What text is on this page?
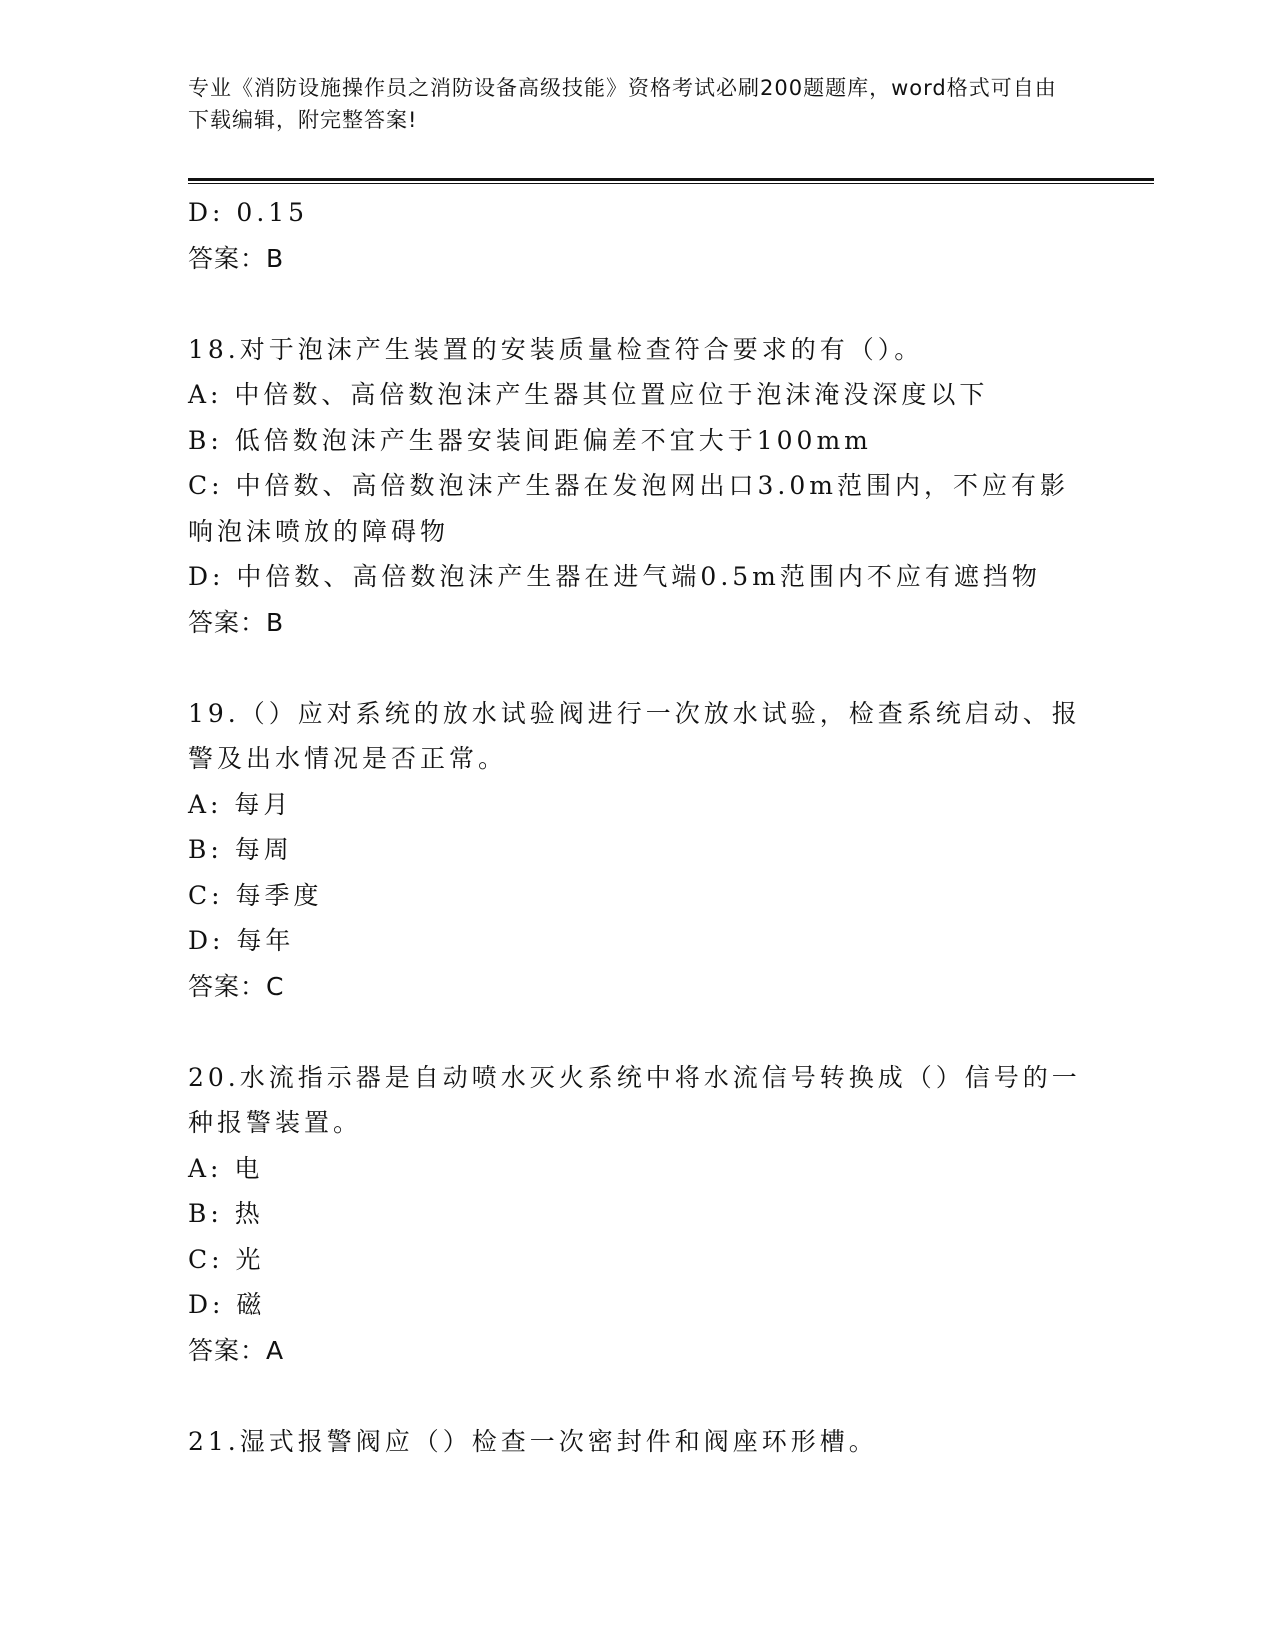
专业《消防设施操作员之消防设备高级技能》资格考试必刷200题题库，word格式可自由下载编辑，附完整答案!
D: 0.15
答案：B
18.对于泡沫产生装置的安装质量检查符合要求的有（）。
A: 中倍数、高倍数泡沫产生器其位置应位于泡沫淹没深度以下
B: 低倍数泡沫产生器安装间距偏差不宜大于100mm
C: 中倍数、高倍数泡沫产生器在发泡网出口3.0m范围内，不应有影响泡沫喷放的障碍物
D: 中倍数、高倍数泡沫产生器在进气端0.5m范围内不应有遮挡物
答案：B
19.（）应对系统的放水试验阀进行一次放水试验，检查系统启动、报警及出水情况是否正常。
A: 每月
B: 每周
C: 每季度
D: 每年
答案：C
20.水流指示器是自动喷水灭火系统中将水流信号转换成（）信号的一种报警装置。
A: 电
B: 热
C: 光
D: 磁
答案：A
21.湿式报警阀应（）检查一次密封件和阀座环形槽。
